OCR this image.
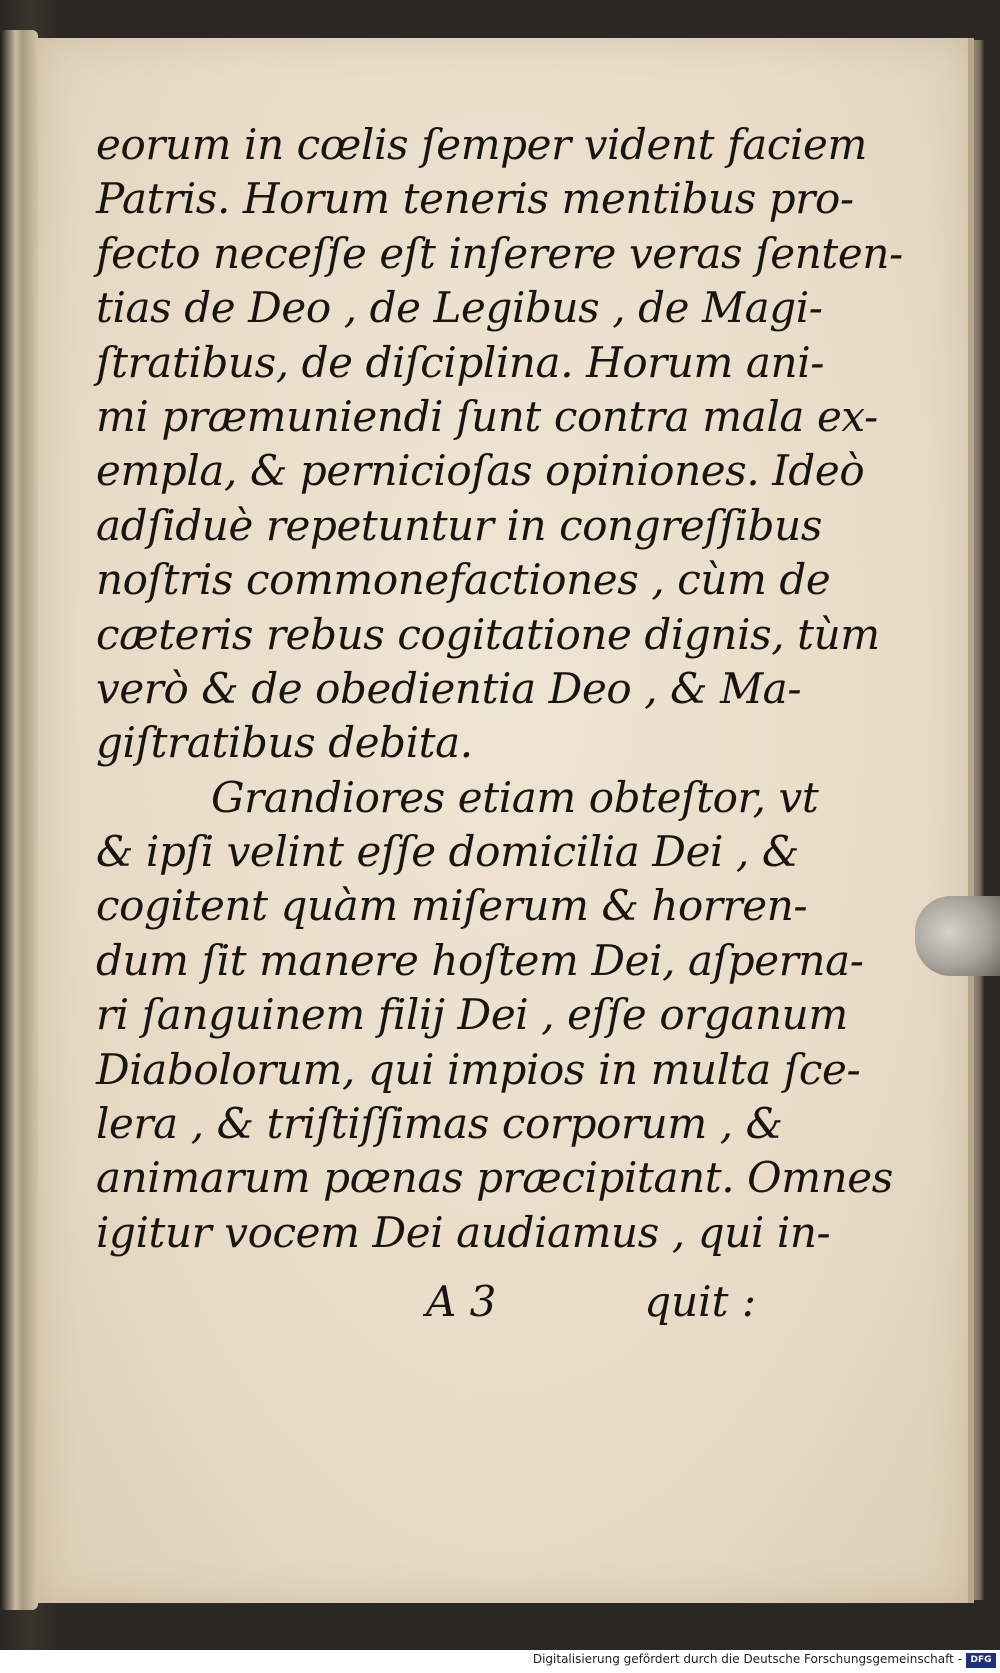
eorum in cœlis ſemper vident faciem
Patris. Horum teneris mentibus pro-
fecto neceſſe eſt inſerere veras ſenten-
tias de Deo , de Legibus , de Magi-
ſtratibus, de diſciplina. Horum ani-
mi præmuniendi ſunt contra mala ex-
empla, & pernicioſas opiniones. Ideò
adſiduè repetuntur in congreſſibus
noſtris commonefactiones , cùm de
cæteris rebus cogitatione dignis, tùm
verò & de obedientia Deo , & Ma-
giſtratibus debita.
Grandiores etiam obteſtor, vt
& ipſi velint eſſe domicilia Dei , &
cogitent quàm miſerum & horren-
dum ſit manere hoſtem Dei, aſperna-
ri ſanguinem filij Dei , eſſe organum
Diabolorum, qui impios in multa ſce-
lera , & triſtiſſimas corporum , &
animarum pœnas præcipitant. Omnes
igitur vocem Dei audiamus , qui in-
A 3	quit :
Digitalisierung gefördert durch die Deutsche Forschungsgemeinschaft - DFG
